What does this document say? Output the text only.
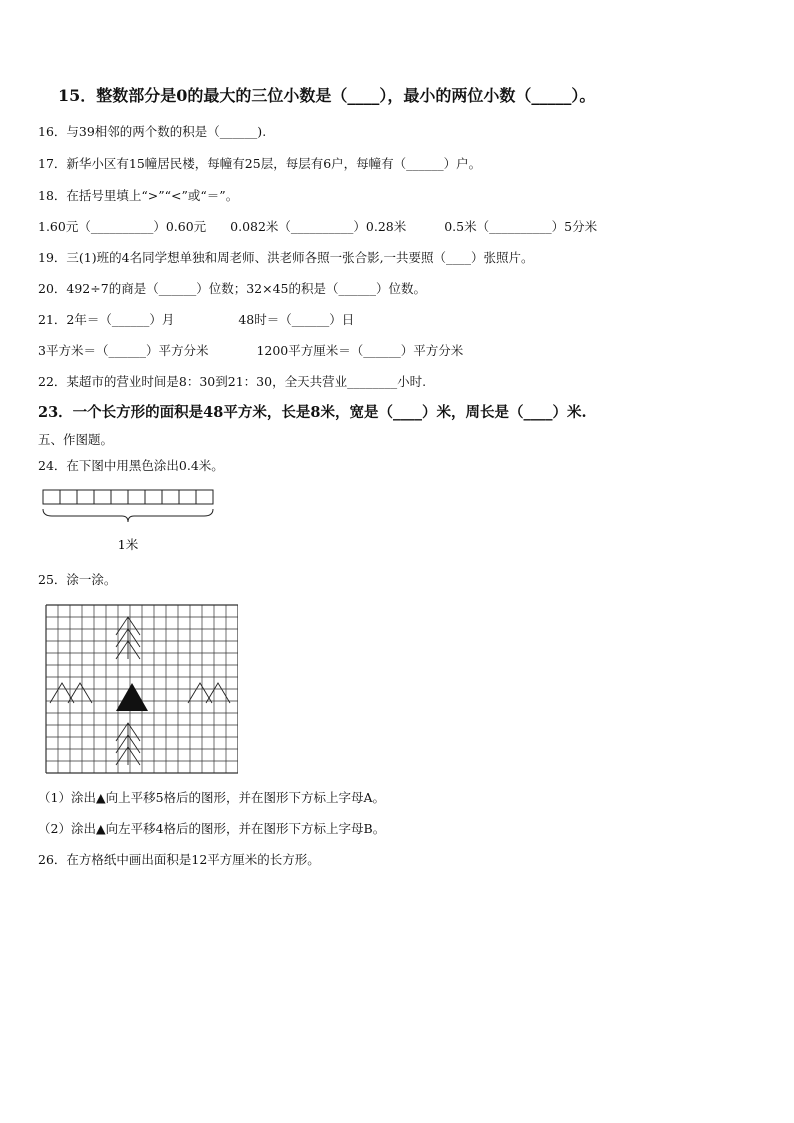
15．整数部分是0的最大的三位小数是（____），最小的两位小数（_____）。
16．与39相邻的两个数的积是（______).
17．新华小区有15幢居民楼，每幢有25层，每层有6户，每幢有（______）户。
18．在括号里填上“>”“<”或“＝”。
1.60元（__________）0.60元 0.082米（__________）0.28米	0.5米（__________）5分米
19．三(1)班的4名同学想单独和周老师、洪老师各照一张合影,一共要照（____）张照片。
20．492÷7的商是（______）位数；32×45的积是（______）位数。
21．2年＝（______）月	48时＝（______）日
3平方米＝（______）平方分米	1200平方厘米＝（______）平方分米
22．某超市的营业时间是8：30到21：30，全天共营业________小时.
23．一个长方形的面积是48平方米，长是8米，宽是（____）米，周长是（____）米.
五、作图题。
24．在下图中用黑色涂出0.4米。
1米
25．涂一涂。
（1）涂出▲向上平移5格后的图形，并在图形下方标上字母A。
（2）涂出▲向左平移4格后的图形，并在图形下方标上字母B。
26．在方格纸中画出面积是12平方厘米的长方形。
